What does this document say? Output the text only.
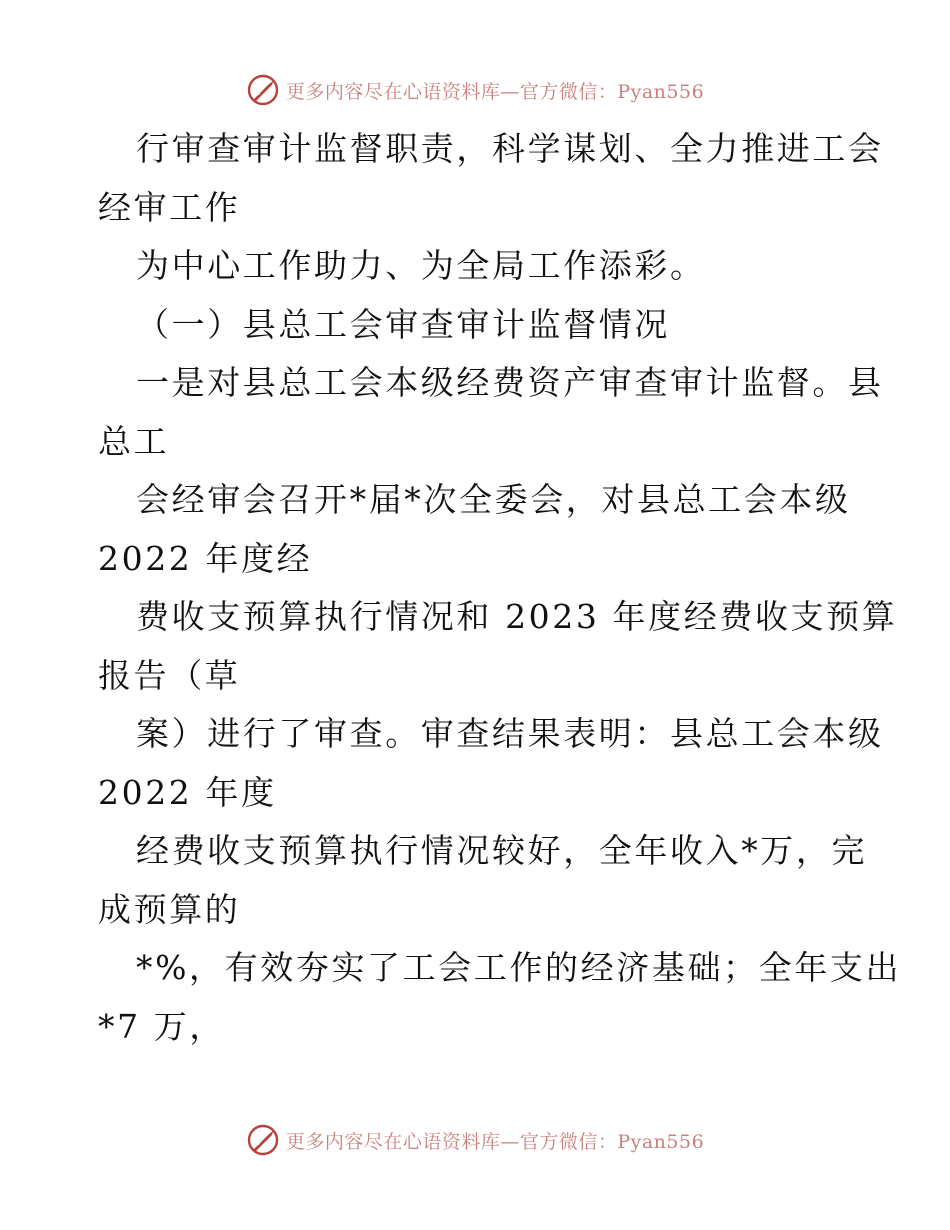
更多内容尽在心语资料库—官方微信：Pyan556
行审查审计监督职责，科学谋划、全力推进工会
经审工作
为中心工作助力、为全局工作添彩。
（一）县总工会审查审计监督情况
一是对县总工会本级经费资产审查审计监督。县
总工
会经审会召开*届*次全委会，对县总工会本级
2022 年度经
费收支预算执行情况和 2023 年度经费收支预算
报告（草
案）进行了审查。审查结果表明：县总工会本级
2022 年度
经费收支预算执行情况较好，全年收入*万，完
成预算的
*%，有效夯实了工会工作的经济基础；全年支出
*7 万，
更多内容尽在心语资料库—官方微信：Pyan556
